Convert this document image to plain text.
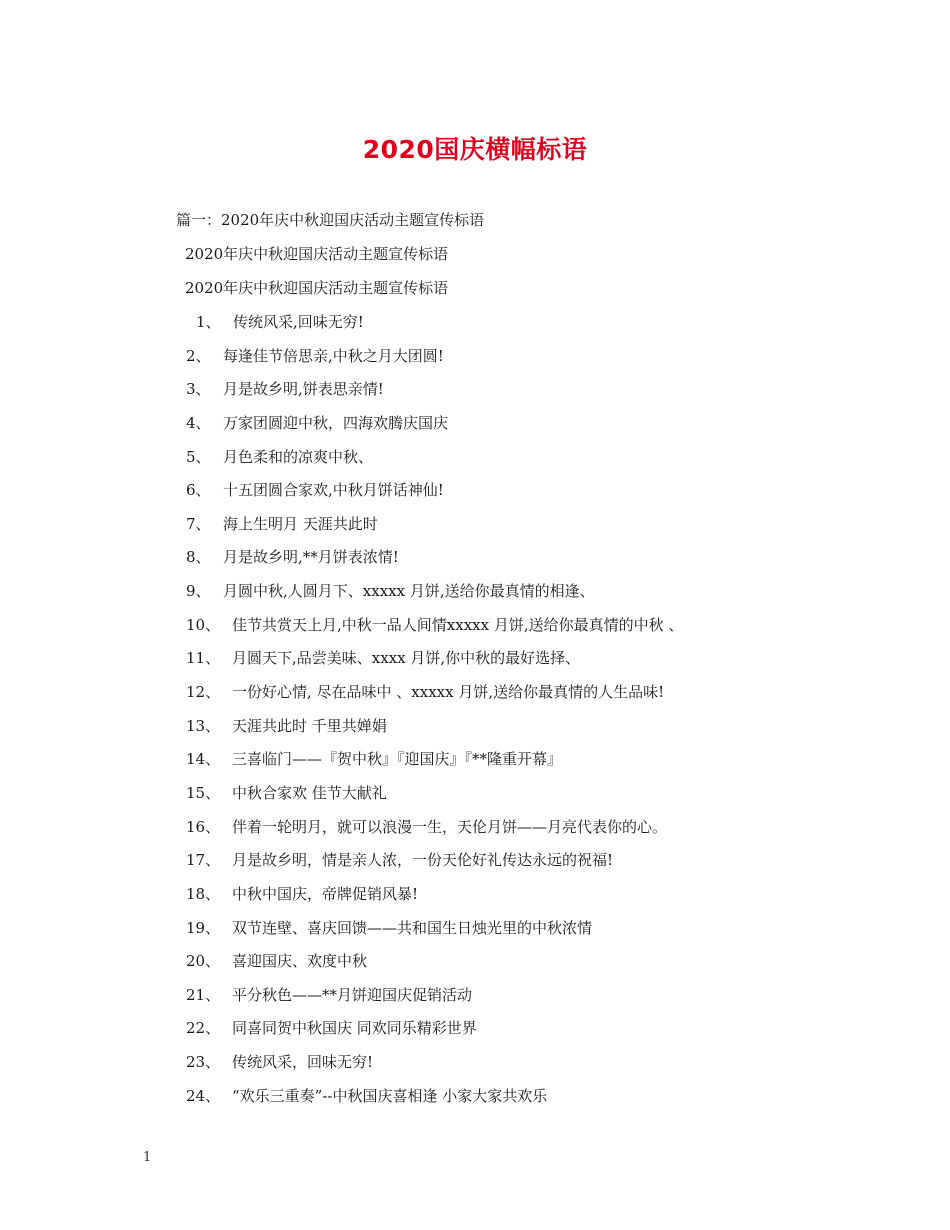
2020国庆横幅标语
篇一：2020年庆中秋迎国庆活动主题宣传标语
2020年庆中秋迎国庆活动主题宣传标语
2020年庆中秋迎国庆活动主题宣传标语
1、 传统风采,回味无穷!
2、 每逢佳节倍思亲,中秋之月大团圆!
3、 月是故乡明,饼表思亲情!
4、 万家团圆迎中秋，四海欢腾庆国庆
5、 月色柔和的凉爽中秋、
6、 十五团圆合家欢,中秋月饼话神仙!
7、 海上生明月 天涯共此时
8、 月是故乡明,**月饼表浓情!
9、 月圆中秋,人圆月下、xxxxx 月饼,送给你最真情的相逢、
10、 佳节共赏天上月,中秋一品人间情xxxxx 月饼,送给你最真情的中秋 、
11、 月圆天下,品尝美味、xxxx 月饼,你中秋的最好选择、
12、 一份好心情, 尽在品味中 、xxxxx 月饼,送给你最真情的人生品味!
13、 天涯共此时 千里共婵娟
14、 三喜临门——『贺中秋』『迎国庆』『**隆重开幕』
15、 中秋合家欢 佳节大献礼
16、 伴着一轮明月，就可以浪漫一生，天伦月饼——月亮代表你的心。
17、 月是故乡明，情是亲人浓，一份天伦好礼传达永远的祝福!
18、 中秋中国庆，帝牌促销风暴!
19、 双节连壁、喜庆回馈——共和国生日烛光里的中秋浓情
20、 喜迎国庆、欢度中秋
21、 平分秋色——**月饼迎国庆促销活动
22、 同喜同贺中秋国庆 同欢同乐精彩世界
23、 传统风采，回味无穷!
24、 “欢乐三重奏”--中秋国庆喜相逢 小家大家共欢乐
1
